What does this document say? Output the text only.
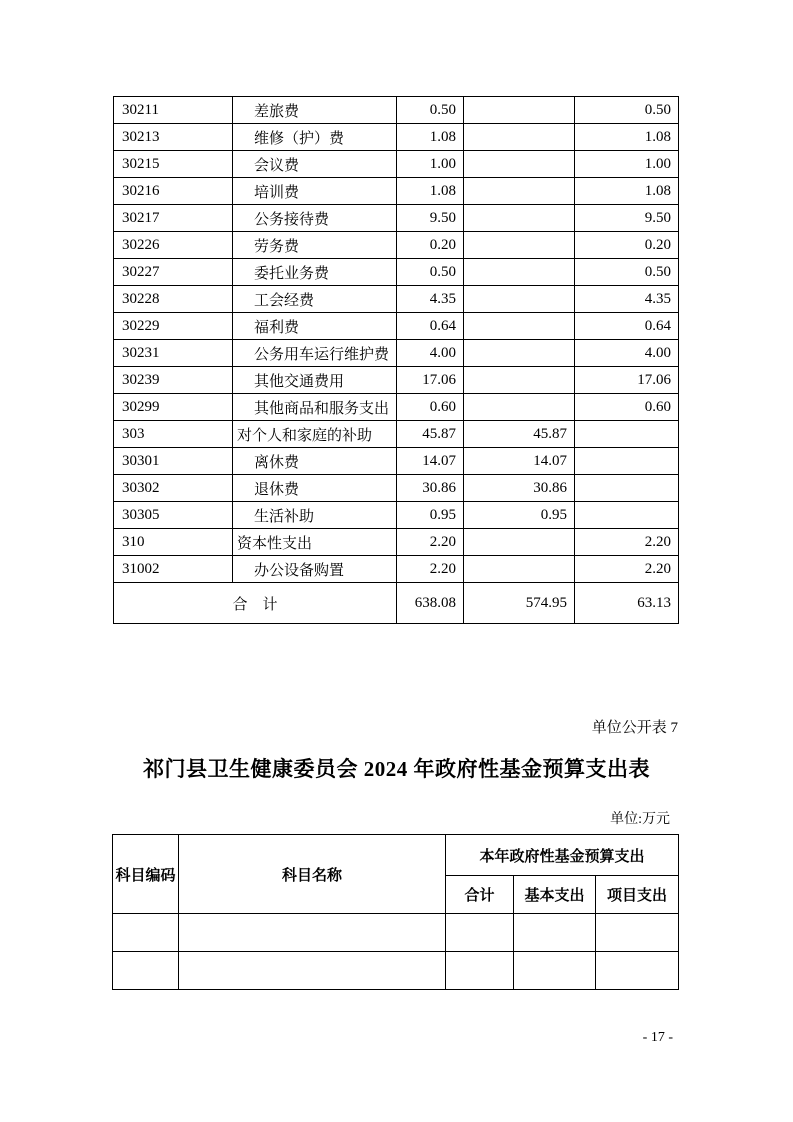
30211	差旅费	0.50		0.50
30213	维修（护）费	1.08		1.08
30215	会议费	1.00		1.00
30216	培训费	1.08		1.08
30217	公务接待费	9.50		9.50
30226	劳务费	0.20		0.20
30227	委托业务费	0.50		0.50
30228	工会经费	4.35		4.35
30229	福利费	0.64		0.64
30231	公务用车运行维护费	4.00		4.00
30239	其他交通费用	17.06		17.06
30299	其他商品和服务支出	0.60		0.60
303	对个人和家庭的补助	45.87	45.87	
30301	离休费	14.07	14.07	
30302	退休费	30.86	30.86	
30305	生活补助	0.95	0.95	
310	资本性支出	2.20		2.20
31002	办公设备购置	2.20		2.20
合　计		638.08	574.95	63.13
单位公开表 7
祁门县卫生健康委员会 2024 年政府性基金预算支出表
单位:万元
科目编码	科目名称	本年政府性基金预算支出		
		合计	基本支出	项目支出

- 17 -
